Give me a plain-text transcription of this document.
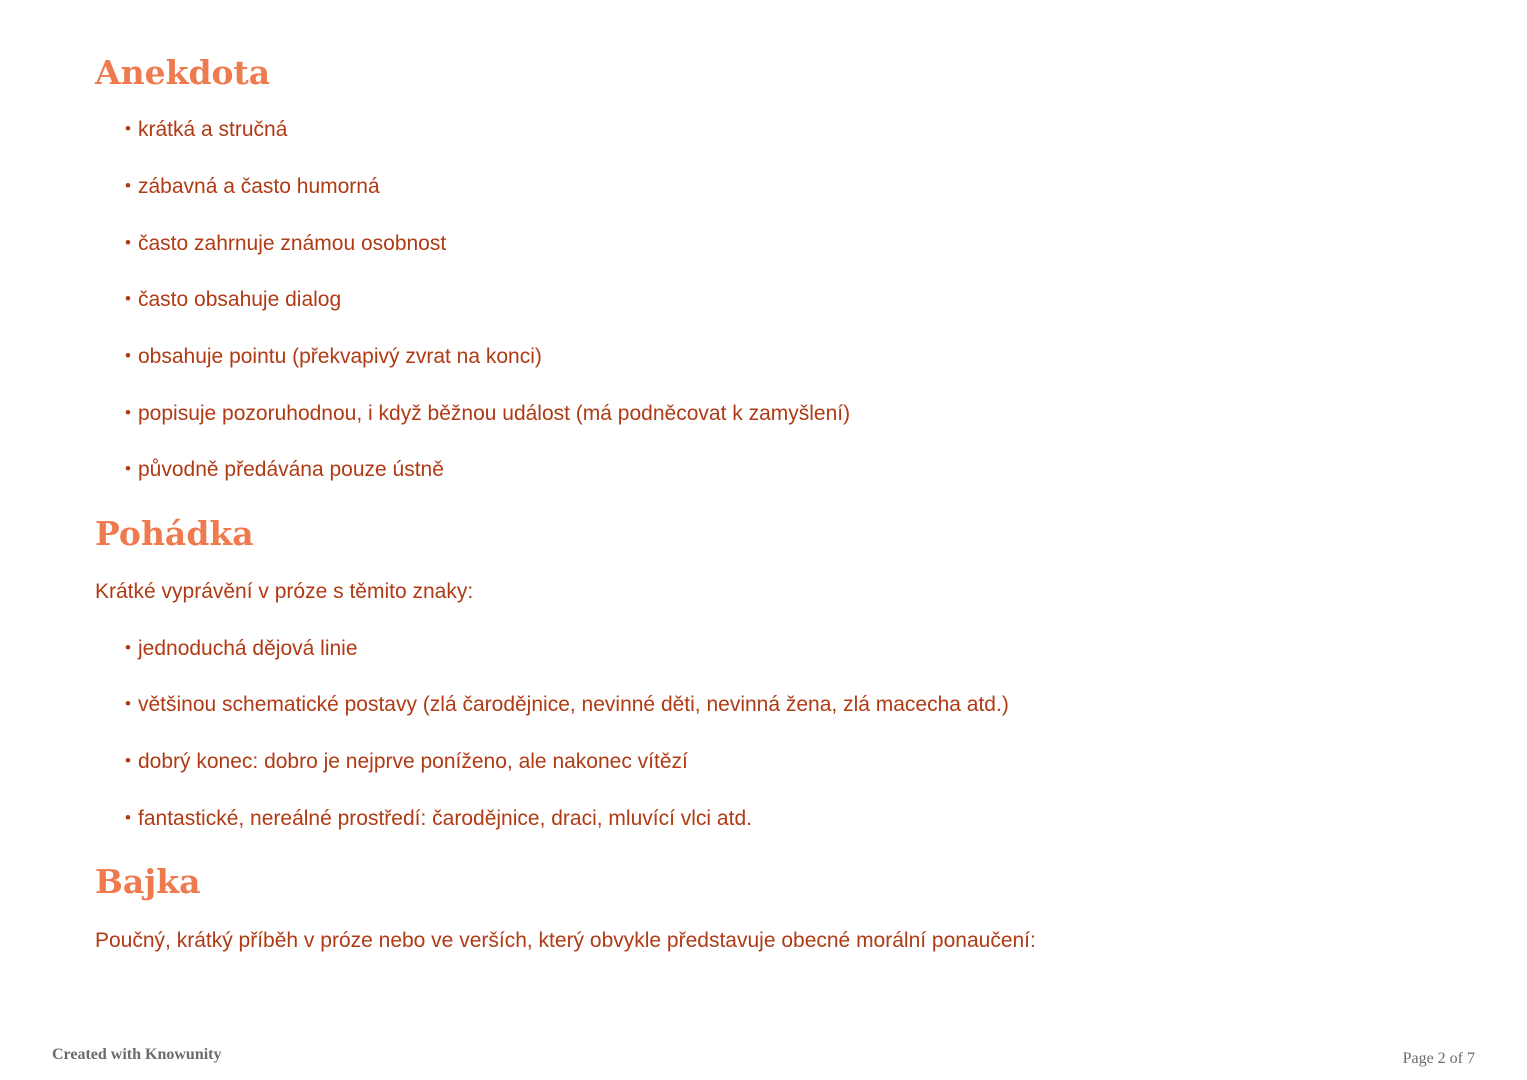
Anekdota
• krátká a stručná
• zábavná a často humorná
• často zahrnuje známou osobnost
• často obsahuje dialog
• obsahuje pointu (překvapivý zvrat na konci)
• popisuje pozoruhodnou, i když běžnou událost (má podněcovat k zamyšlení)
• původně předávána pouze ústně
Pohádka
Krátké vyprávění v próze s těmito znaky:
• jednoduchá dějová linie
• většinou schematické postavy (zlá čarodějnice, nevinné děti, nevinná žena, zlá macecha atd.)
• dobrý konec: dobro je nejprve poníženo, ale nakonec vítězí
• fantastické, nereálné prostředí: čarodějnice, draci, mluvící vlci atd.
Bajka
Poučný, krátký příběh v próze nebo ve verších, který obvykle představuje obecné morální ponaučení:
Created with Knowunity	Page 2 of 7
